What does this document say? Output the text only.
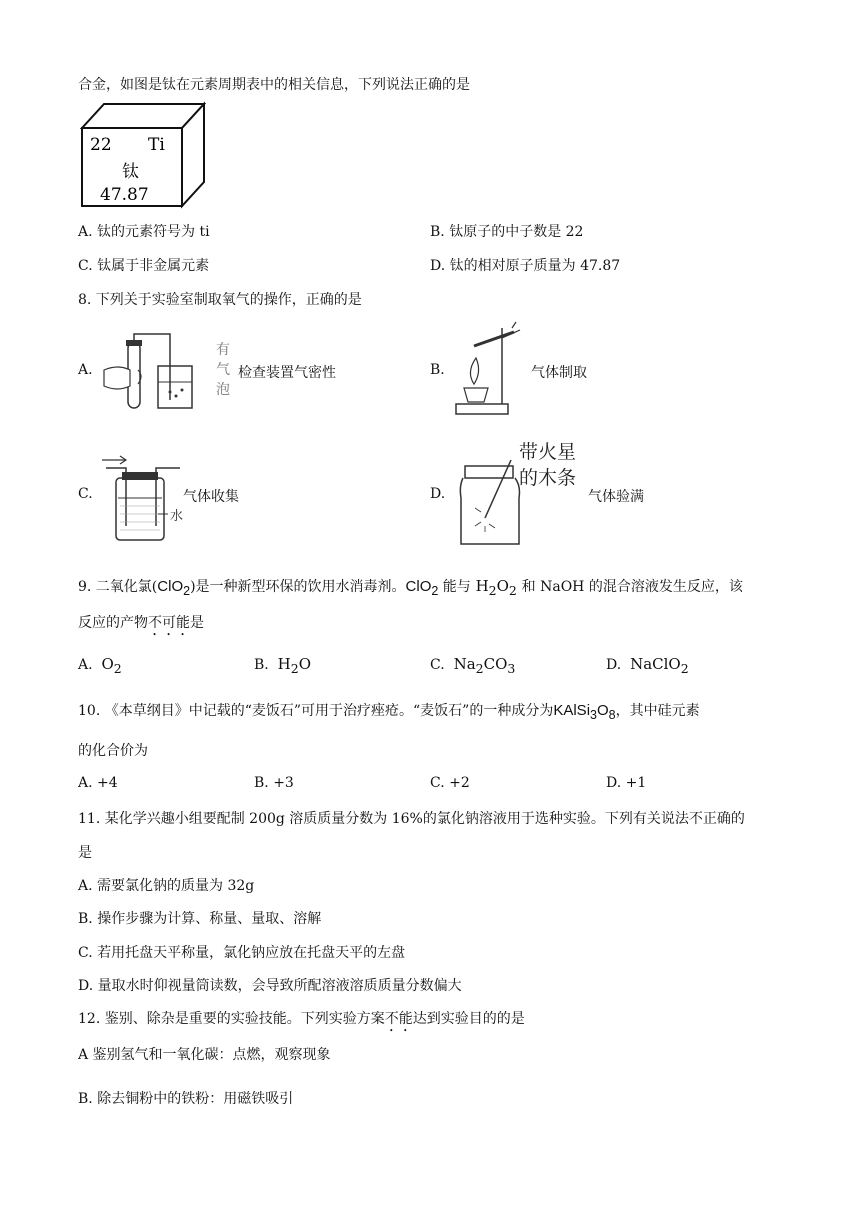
合金，如图是钛在元素周期表中的相关信息，下列说法正确的是
22 Ti
钛
47.87
A. 钛的元素符号为 ti	B. 钛原子的中子数是 22
C. 钛属于非金属元素	D. 钛的相对原子质量为 47.87
8. 下列关于实验室制取氧气的操作，正确的是
A.
有
气
泡
检查装置气密性	B.	气体制取
C.
水
气体收集	D.
带火星
的木条
气体验满
9. 二氧化氯(ClO$_2$)是一种新型环保的饮用水消毒剂。ClO$_2$ 能与 $H_2O_2$ 和 NaOH 的混合溶液发生反应，该
反应的产物不可能是
A. $O_2$	B. $H_2O$	C. $Na_2CO_3$	D. NaClO$_2$
10. 《本草纲目》中记载的“麦饭石”可用于治疗痤疮。“麦饭石”的一种成分为$KAlSi_3O_8$，其中硅元素
的化合价为
A. +4	B. +3	C. +2	D. +1
11. 某化学兴趣小组要配制 200g 溶质质量分数为 16%的氯化钠溶液用于选种实验。下列有关说法不正确的
是
A. 需要氯化钠的质量为 32g
B. 操作步骤为计算、称量、量取、溶解
C. 若用托盘天平称量，氯化钠应放在托盘天平的左盘
D. 量取水时仰视量筒读数，会导致所配溶液溶质质量分数偏大
12. 鉴别、除杂是重要的实验技能。下列实验方案不能达到实验目的的是
A 鉴别氢气和一氧化碳：点燃，观察现象
B. 除去铜粉中的铁粉：用磁铁吸引
